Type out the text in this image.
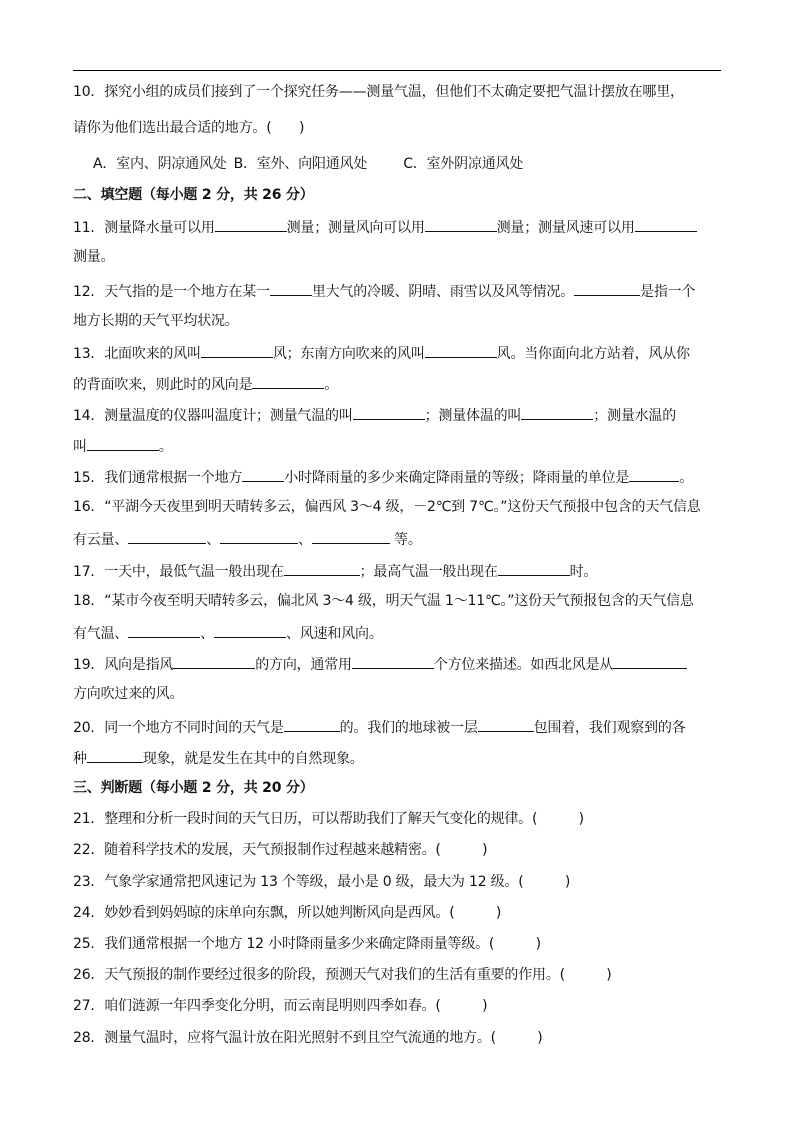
10．探究小组的成员们接到了一个探究任务——测量气温，但他们不太确定要把气温计摆放在哪里，
请你为他们选出最合适的地方。(　　)
A．室内、阴凉通风处 B．室外、向阳通风处	C．室外阴凉通风处
二、填空题（每小题 2 分，共 26 分）
11．测量降水量可以用	测量；测量风向可以用	测量；测量风速可以用
测量。
12．天气指的是一个地方在某一	里大气的冷暖、阴晴、雨雪以及风等情况。	是指一个
地方长期的天气平均状况。
13．北面吹来的风叫	风；东南方向吹来的风叫	风。当你面向北方站着，风从你
的背面吹来，则此时的风向是	。
14．测量温度的仪器叫温度计；测量气温的叫	；测量体温的叫	；测量水温的
叫	。
15．我们通常根据一个地方	小时降雨量的多少来确定降雨量的等级；降雨量的单位是	。
16．“平湖今天夜里到明天晴转多云，偏西风 3～4 级，－2℃到 7℃。”这份天气预报中包含的天气信息
有云量、	、	、	等。
17．一天中，最低气温一般出现在	；最高气温一般出现在	时。
18．“某市今夜至明天晴转多云，偏北风 3～4 级，明天气温 1～11℃。”这份天气预报包含的天气信息
有气温、	、	、风速和风向。
19．风向是指风	的方向，通常用	个方位来描述。如西北风是从
方向吹过来的风。
20．同一个地方不同时间的天气是	的。我们的地球被一层	包围着，我们观察到的各
种	现象，就是发生在其中的自然现象。
三、判断题（每小题 2 分，共 20 分）
21．整理和分析一段时间的天气日历，可以帮助我们了解天气变化的规律。(　　　)
22．随着科学技术的发展，天气预报制作过程越来越精密。(　　　)
23．气象学家通常把风速记为 13 个等级，最小是 0 级，最大为 12 级。(　　　)
24．妙妙看到妈妈晾的床单向东飘，所以她判断风向是西风。(　　　)
25．我们通常根据一个地方 12 小时降雨量多少来确定降雨量等级。(　　　)
26．天气预报的制作要经过很多的阶段，预测天气对我们的生活有重要的作用。(　　　)
27．咱们涟源一年四季变化分明，而云南昆明则四季如春。(　　　)
28．测量气温时，应将气温计放在阳光照射不到且空气流通的地方。(　　　)
